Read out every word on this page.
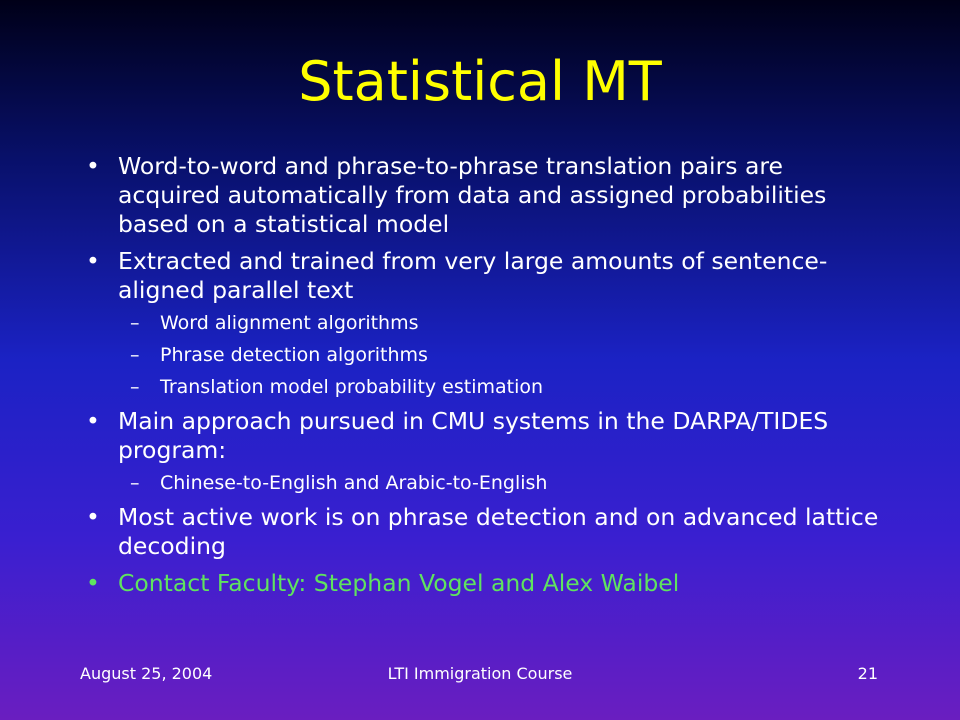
Statistical MT
• Word-to-word and phrase-to-phrase translation pairs are acquired automatically from data and assigned probabilities based on a statistical model
• Extracted and trained from very large amounts of sentence-aligned parallel text
– Word alignment algorithms
– Phrase detection algorithms
– Translation model probability estimation
• Main approach pursued in CMU systems in the DARPA/TIDES program:
– Chinese-to-English and Arabic-to-English
• Most active work is on phrase detection and on advanced lattice decoding
• Contact Faculty: Stephan Vogel and Alex Waibel
August 25, 2004	LTI Immigration Course	21
